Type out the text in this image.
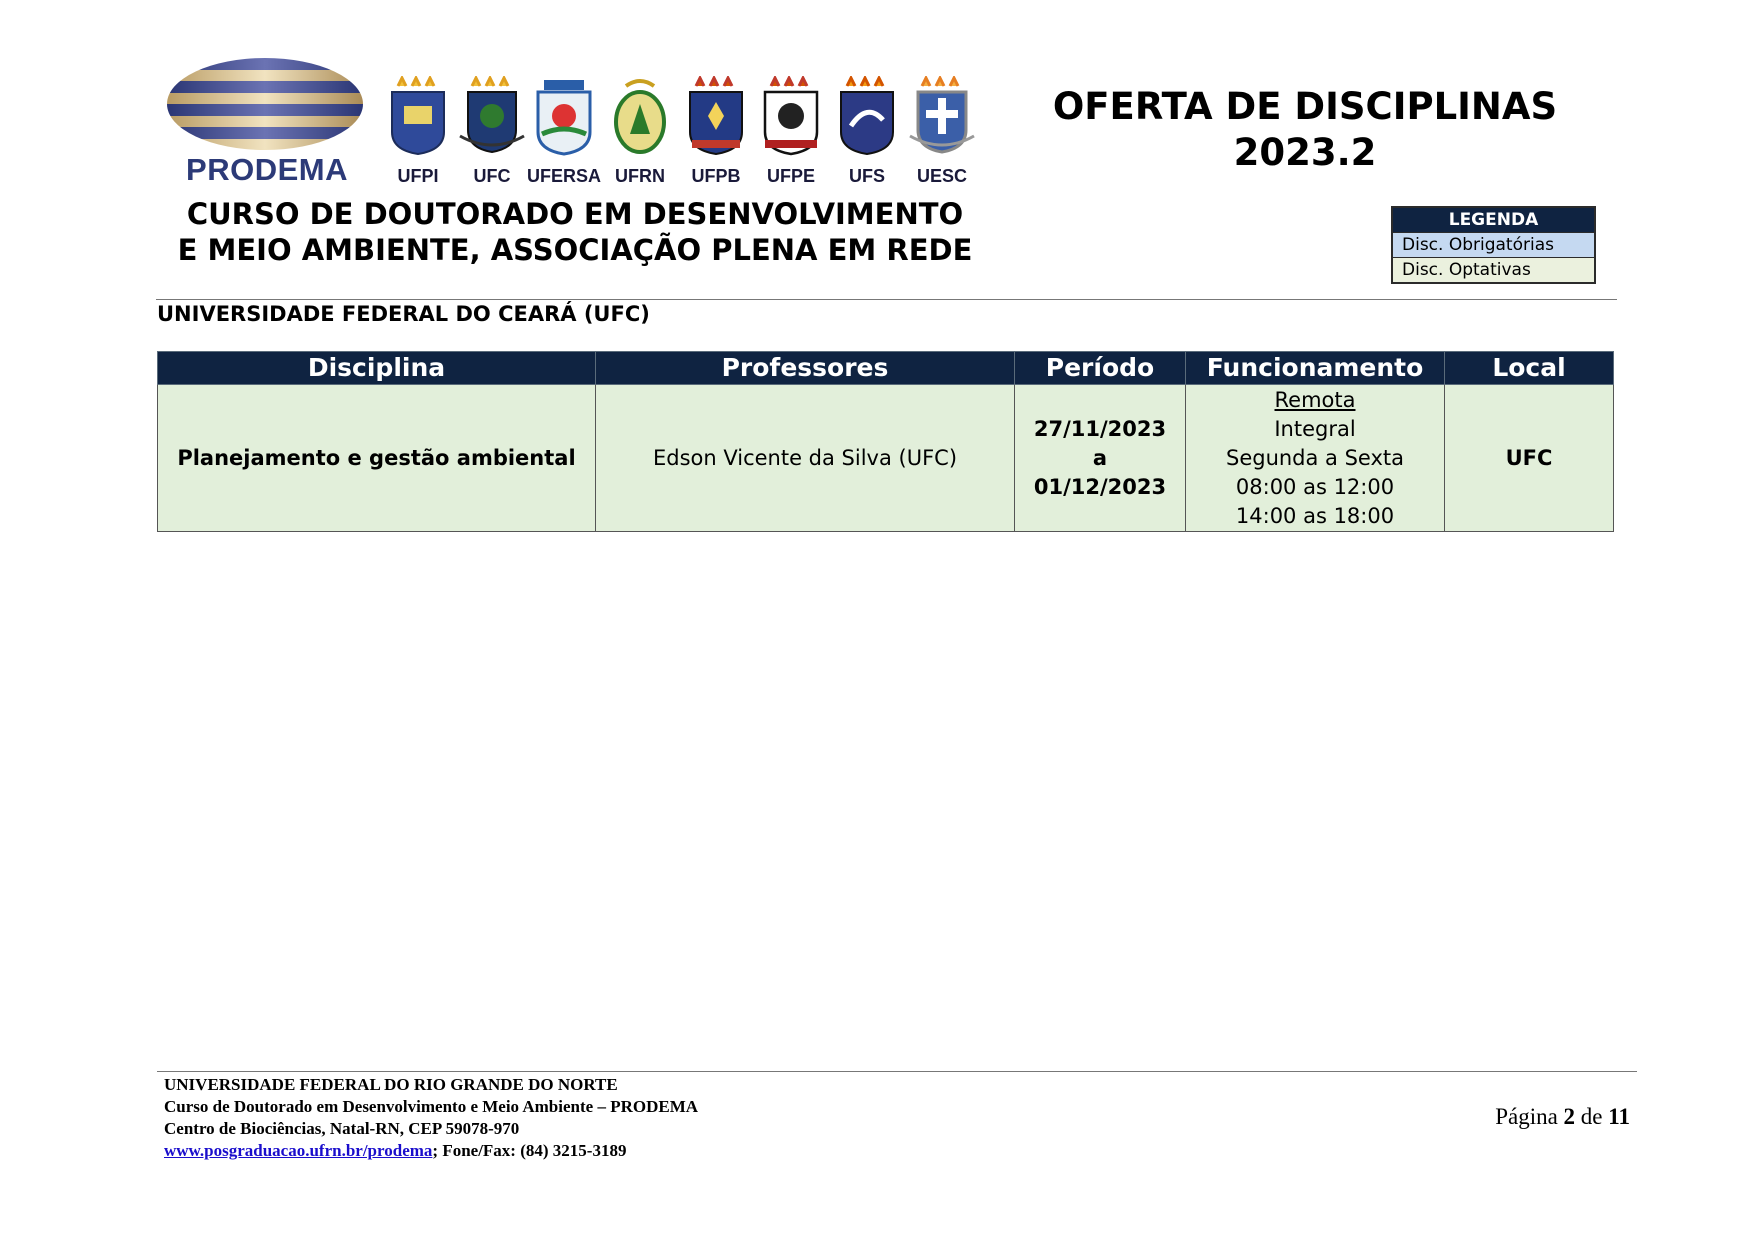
PRODEMA	UFPI	UFC UFERSA UFRN	UFPB	UFPE	UFS	UESC
CURSO DE DOUTORADO EM DESENVOLVIMENTO
E MEIO AMBIENTE, ASSOCIAÇÃO PLENA EM REDE
OFERTA DE DISCIPLINAS
2023.2
LEGENDA
Disc. Obrigatórias
Disc. Optativas
UNIVERSIDADE FEDERAL DO CEARÁ (UFC)
Disciplina	Professores	Período	Funcionamento	Local
Planejamento e gestão ambiental	Edson Vicente da Silva (UFC)	27/11/2023
a
01/12/2023	Remota
Integral
Segunda a Sexta
08:00 as 12:00
14:00 as 18:00	UFC
UNIVERSIDADE FEDERAL DO RIO GRANDE DO NORTE
Curso de Doutorado em Desenvolvimento e Meio Ambiente – PRODEMA
Centro de Biociências, Natal-RN, CEP 59078-970
www.posgraduacao.ufrn.br/prodema; Fone/Fax: (84) 3215-3189
Página 2 de 11
